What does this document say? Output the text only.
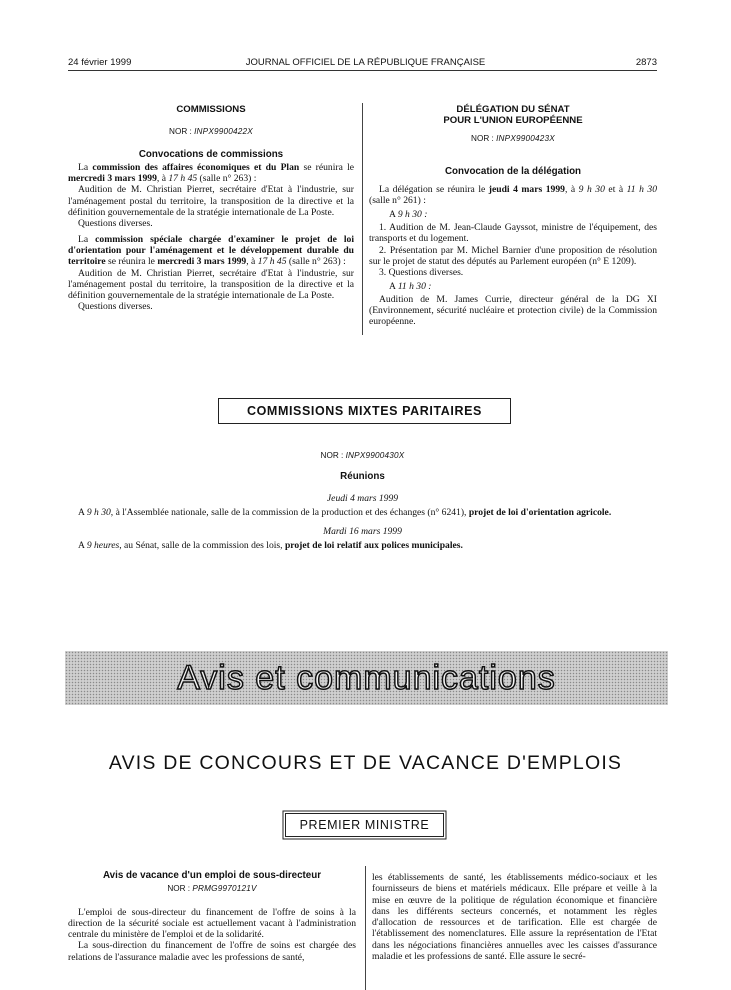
24 février 1999	JOURNAL OFFICIEL DE LA RÉPUBLIQUE FRANÇAISE	2873

COMMISSIONS

NOR : INPX9900422X

Convocations de commissions

La commission des affaires économiques et du Plan se réunira le mercredi 3 mars 1999, à 17 h 45 (salle n° 263) :

Audition de M. Christian Pierret, secrétaire d'Etat à l'industrie, sur l'aménagement postal du territoire, la transposition de la directive et la définition gouvernementale de la stratégie internationale de La Poste.

Questions diverses.

La commission spéciale chargée d'examiner le projet de loi d'orientation pour l'aménagement et le développement durable du territoire se réunira le mercredi 3 mars 1999, à 17 h 45 (salle n° 263) :

Audition de M. Christian Pierret, secrétaire d'Etat à l'industrie, sur l'aménagement postal du territoire, la transposition de la directive et la définition gouvernementale de la stratégie internationale de La Poste.

Questions diverses.

DÉLÉGATION DU SÉNAT

POUR L'UNION EUROPÉENNE

NOR : INPX9900423X

Convocation de la délégation

La délégation se réunira le jeudi 4 mars 1999, à 9 h 30 et à 11 h 30 (salle n° 261) :

A 9 h 30 :

1. Audition de M. Jean-Claude Gayssot, ministre de l'équipement, des transports et du logement.

2. Présentation par M. Michel Barnier d'une proposition de résolution sur le projet de statut des députés au Parlement européen (n° E 1209).

3. Questions diverses.

A 11 h 30 :

Audition de M. James Currie, directeur général de la DG XI (Environnement, sécurité nucléaire et protection civile) de la Commission européenne.

COMMISSIONS MIXTES PARITAIRES

NOR : INPX9900430X

Réunions

Jeudi 4 mars 1999

A 9 h 30, à l'Assemblée nationale, salle de la commission de la production et des échanges (n° 6241), projet de loi d'orientation agricole.

Mardi 16 mars 1999

A 9 heures, au Sénat, salle de la commission des lois, projet de loi relatif aux polices municipales.

Avis et communications
AVIS DE CONCOURS ET DE VACANCE D'EMPLOIS
PREMIER MINISTRE

Avis de vacance d'un emploi de sous-directeur

NOR : PRMG9970121V

L'emploi de sous-directeur du financement de l'offre de soins à la direction de la sécurité sociale est actuellement vacant à l'administration centrale du ministère de l'emploi et de la solidarité.

La sous-direction du financement de l'offre de soins est chargée des relations de l'assurance maladie avec les professions de santé,

les établissements de santé, les établissements médico-sociaux et les fournisseurs de biens et matériels médicaux. Elle prépare et veille à la mise en œuvre de la politique de régulation économique et financière dans les différents secteurs concernés, et notamment les règles d'allocation de ressources et de tarification. Elle est chargée de l'établissement des nomenclatures. Elle assure la représentation de l'Etat dans les négociations financières annuelles avec les caisses d'assurance maladie et les professions de santé. Elle assure le secré-
